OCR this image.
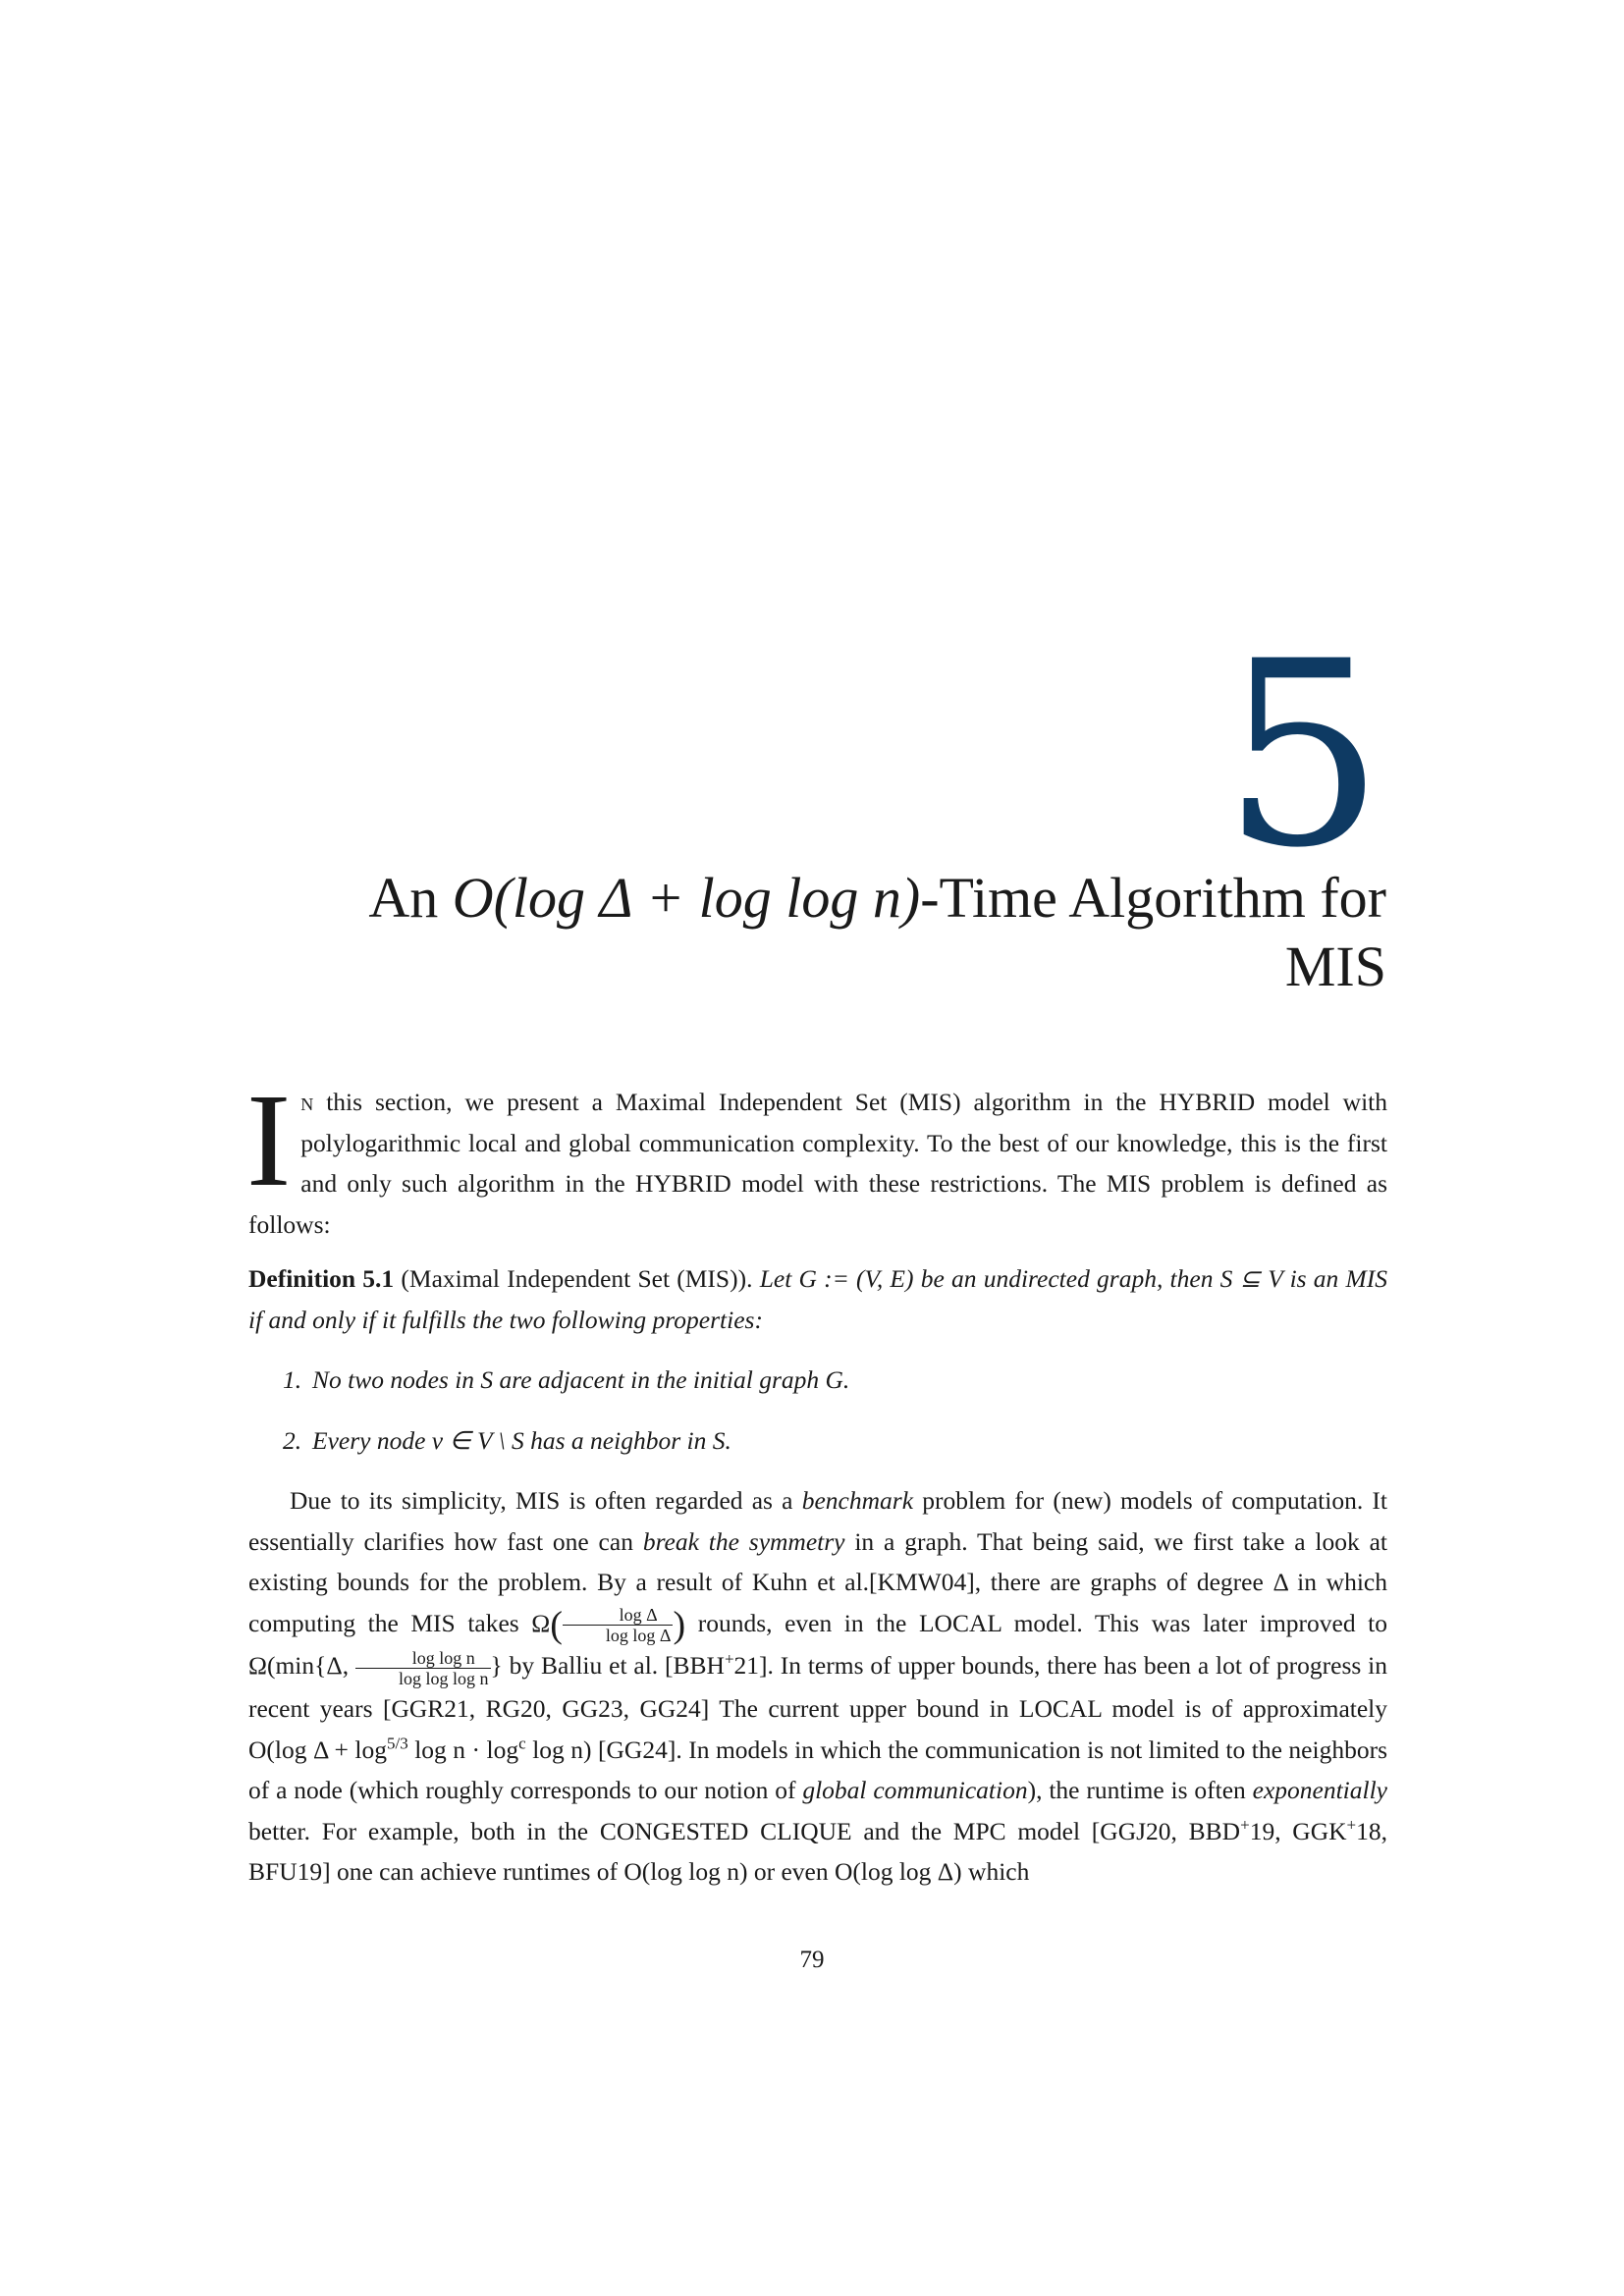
5
An O(log Δ + log log n)-Time Algorithm for MIS
In this section, we present a Maximal Independent Set (MIS) algorithm in the HYBRID model with polylogarithmic local and global communication complexity. To the best of our knowledge, this is the first and only such algorithm in the HYBRID model with these restrictions. The MIS problem is defined as follows:
Definition 5.1 (Maximal Independent Set (MIS)). Let G := (V, E) be an undirected graph, then S ⊆ V is an MIS if and only if it fulfills the two following properties:
1. No two nodes in S are adjacent in the initial graph G.
2. Every node v ∈ V \ S has a neighbor in S.

Due to its simplicity, MIS is often regarded as a benchmark problem for (new) models of computation. It essentially clarifies how fast one can break the symmetry in a graph. That being said, we first take a look at existing bounds for the problem. By a result of Kuhn et al.[KMW04], there are graphs of degree Δ in which computing the MIS takes $\Omega( \frac{\text{log Δ}}{\text{log log Δ}}$ ) rounds, even in the LOCAL model. This was later improved to Ω(min{Δ, $\frac{\text{log log n}}{\text{log log log n}}$ } by Balliu et al. [BBH+21]. In terms of upper bounds, there has been a lot of progress in recent years [GGR21, RG20, GG23, GG24] The current upper bound in LOCAL model is of approximately O(log $\Delta + \log^{5/3} \log n \cdot \log^c \log n$) [GG24]. In models in which the communication is not limited to the neighbors of a node (which roughly corresponds to our notion of global communication), the runtime is often exponentially better. For example, both in the CONGESTED CLIQUE and the MPC model [GGJ20, BBD+19, GGK+18, BFU19] one can achieve runtimes of O(log log n) or even O(log log Δ) which

79
